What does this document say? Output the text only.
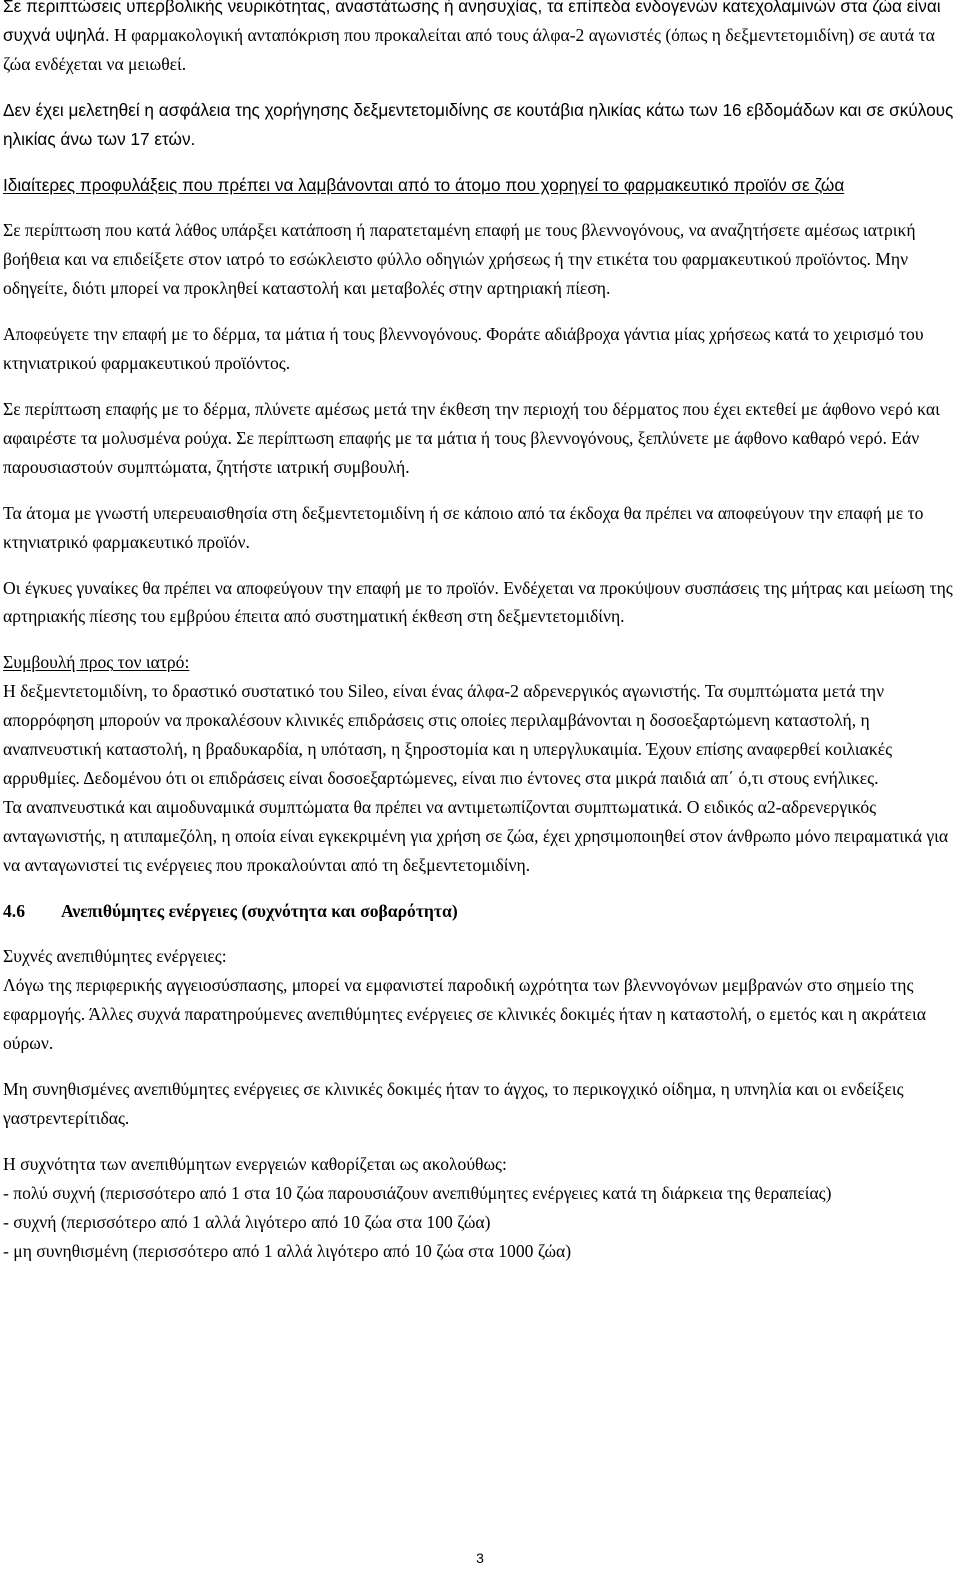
Σε περιπτώσεις υπερβολικής νευρικότητας, αναστάτωσης ή ανησυχίας, τα επίπεδα ενδογενών κατεχολαμινών στα ζώα είναι συχνά υψηλά. Η φαρμακολογική ανταπόκριση που προκαλείται από τους άλφα-2 αγωνιστές (όπως η δεξμεντετομιδίνη) σε αυτά τα ζώα ενδέχεται να μειωθεί.

Δεν έχει μελετηθεί η ασφάλεια της χορήγησης δεξμεντετομιδίνης σε κουτάβια ηλικίας κάτω των 16 εβδομάδων και σε σκύλους ηλικίας άνω των 17 ετών.

Ιδιαίτερες προφυλάξεις που πρέπει να λαμβάνονται από το άτομο που χορηγεί το φαρμακευτικό προϊόν σε ζώα

Σε περίπτωση που κατά λάθος υπάρξει κατάποση ή παρατεταμένη επαφή με τους βλεννογόνους, να αναζητήσετε αμέσως ιατρική βοήθεια και να επιδείξετε στον ιατρό το εσώκλειστο φύλλο οδηγιών χρήσεως ή την ετικέτα του φαρμακευτικού προϊόντος. Μην οδηγείτε, διότι μπορεί να προκληθεί καταστολή και μεταβολές στην αρτηριακή πίεση.

Αποφεύγετε την επαφή με το δέρμα, τα μάτια ή τους βλεννογόνους. Φοράτε αδιάβροχα γάντια μίας χρήσεως κατά το χειρισμό του κτηνιατρικού φαρμακευτικού προϊόντος.

Σε περίπτωση επαφής με το δέρμα, πλύνετε αμέσως μετά την έκθεση την περιοχή του δέρματος που έχει εκτεθεί με άφθονο νερό και αφαιρέστε τα μολυσμένα ρούχα. Σε περίπτωση επαφής με τα μάτια ή τους βλεννογόνους, ξεπλύνετε με άφθονο καθαρό νερό. Εάν παρουσιαστούν συμπτώματα, ζητήστε ιατρική συμβουλή.

Τα άτομα με γνωστή υπερευαισθησία στη δεξμεντετομιδίνη ή σε κάποιο από τα έκδοχα θα πρέπει να αποφεύγουν την επαφή με το κτηνιατρικό φαρμακευτικό προϊόν.

Οι έγκυες γυναίκες θα πρέπει να αποφεύγουν την επαφή με το προϊόν. Ενδέχεται να προκύψουν συσπάσεις της μήτρας και μείωση της αρτηριακής πίεσης του εμβρύου έπειτα από συστηματική έκθεση στη δεξμεντετομιδίνη.

Συμβουλή προς τον ιατρό:

Η δεξμεντετομιδίνη, το δραστικό συστατικό του Sileo, είναι ένας άλφα-2 αδρενεργικός αγωνιστής. Τα συμπτώματα μετά την απορρόφηση μπορούν να προκαλέσουν κλινικές επιδράσεις στις οποίες περιλαμβάνονται η δοσοεξαρτώμενη καταστολή, η αναπνευστική καταστολή, η βραδυκαρδία, η υπόταση, η ξηροστομία και η υπεργλυκαιμία. Έχουν επίσης αναφερθεί κοιλιακές αρρυθμίες. Δεδομένου ότι οι επιδράσεις είναι δοσοεξαρτώμενες, είναι πιο έντονες στα μικρά παιδιά απ΄ ό,τι στους ενήλικες.

Τα αναπνευστικά και αιμοδυναμικά συμπτώματα θα πρέπει να αντιμετωπίζονται συμπτωματικά. Ο ειδικός α2-αδρενεργικός ανταγωνιστής, η ατιπαμεζόλη, η οποία είναι εγκεκριμένη για χρήση σε ζώα, έχει χρησιμοποιηθεί στον άνθρωπο μόνο πειραματικά για να ανταγωνιστεί τις ενέργειες που προκαλούνται από τη δεξμεντετομιδίνη.

4.6 Ανεπιθύμητες ενέργειες (συχνότητα και σοβαρότητα)

Συχνές ανεπιθύμητες ενέργειες:

Λόγω της περιφερικής αγγειοσύσπασης, μπορεί να εμφανιστεί παροδική ωχρότητα των βλεννογόνων μεμβρανών στο σημείο της εφαρμογής. Άλλες συχνά παρατηρούμενες ανεπιθύμητες ενέργειες σε κλινικές δοκιμές ήταν η καταστολή, ο εμετός και η ακράτεια ούρων.

Μη συνηθισμένες ανεπιθύμητες ενέργειες σε κλινικές δοκιμές ήταν το άγχος, το περικογχικό οίδημα, η υπνηλία και οι ενδείξεις γαστρεντερίτιδας.

Η συχνότητα των ανεπιθύμητων ενεργειών καθορίζεται ως ακολούθως:

- πολύ συχνή (περισσότερο από 1 στα 10 ζώα παρουσιάζουν ανεπιθύμητες ενέργειες κατά τη διάρκεια της θεραπείας)
- συχνή (περισσότερο από 1 αλλά λιγότερο από 10 ζώα στα 100 ζώα)
- μη συνηθισμένη (περισσότερο από 1 αλλά λιγότερο από 10 ζώα στα 1000 ζώα)
3
